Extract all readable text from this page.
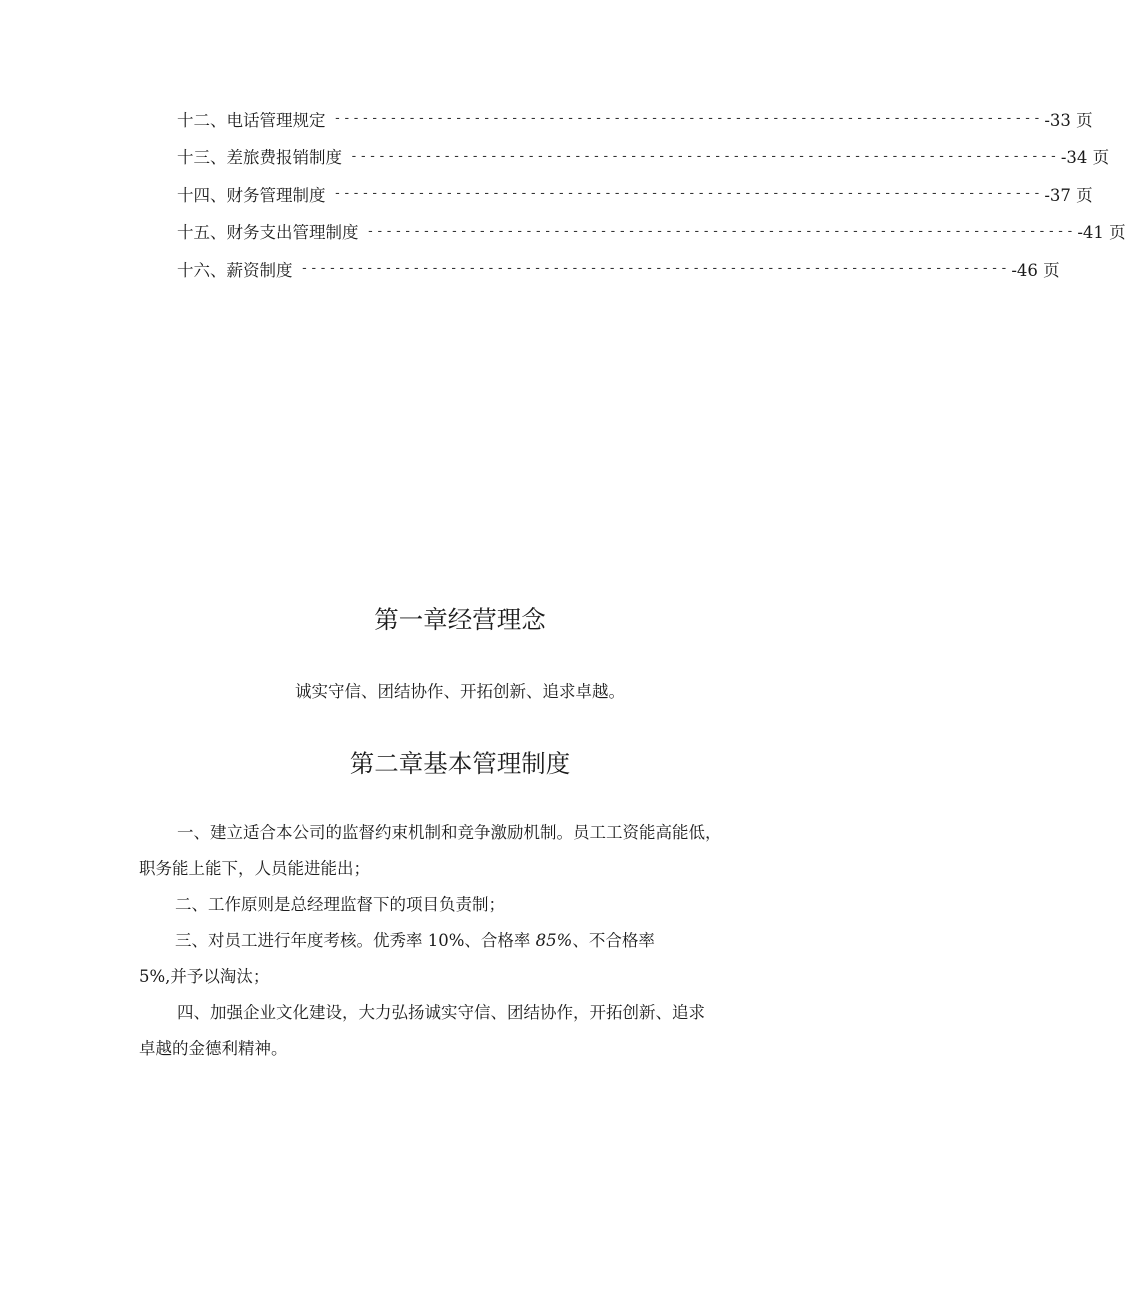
十二、电话管理规定 ---------------------------------------------------------------------------- -33 页
十三、差旅费报销制度 ---------------------------------------------------------------------------- -34 页
十四、财务管理制度 ---------------------------------------------------------------------------- -37 页
十五、财务支出管理制度 ---------------------------------------------------------------------------- -41 页
十六、薪资制度 ---------------------------------------------------------------------------- -46 页
第一章经营理念
诚实守信、团结协作、开拓创新、追求卓越。
第二章基本管理制度
一、建立适合本公司的监督约束机制和竞争激励机制。员工工资能高能低，
职务能上能下，人员能进能出；
二、工作原则是总经理监督下的项目负责制；
三、对员工进行年度考核。优秀率 10%、合格率 85%、不合格率
5%,并予以淘汰；
四、加强企业文化建设，大力弘扬诚实守信、团结协作，开拓创新、追求
卓越的金德利精神。
